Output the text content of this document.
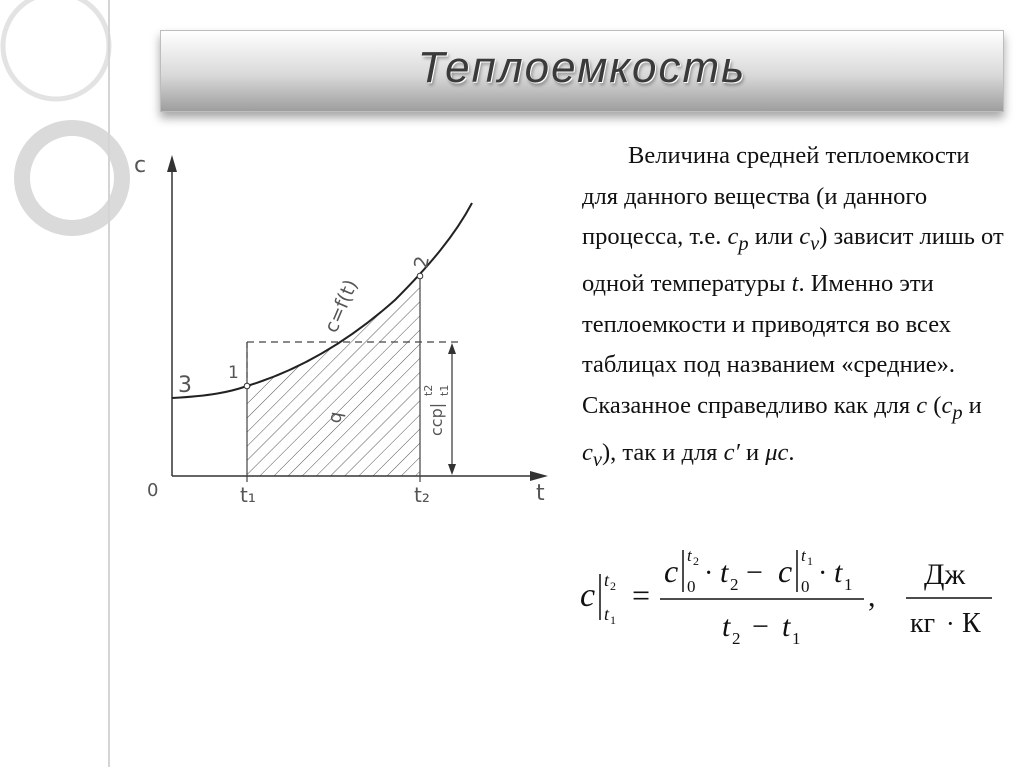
Теплоемкость
c
t
0	t₁	t₂
1
2
3
c=f(t)
q	cср|
t2 t1
Величина средней теплоемкости для данного вещества (и данного процесса, т.е. $c_p$ или $c_v$) зависит лишь от одной температуры t. Именно эти теплоемкости и приводятся во всех таблицах под названием «средние». Сказанное справедливо как для c ($c_p$ и $c_v$), так и для c′ и μc.
c t 2
t 1
=
c t 2
0 · t 2 − c t 1
0 · t 1
t 2 − t 1
,
Дж
кг · К
